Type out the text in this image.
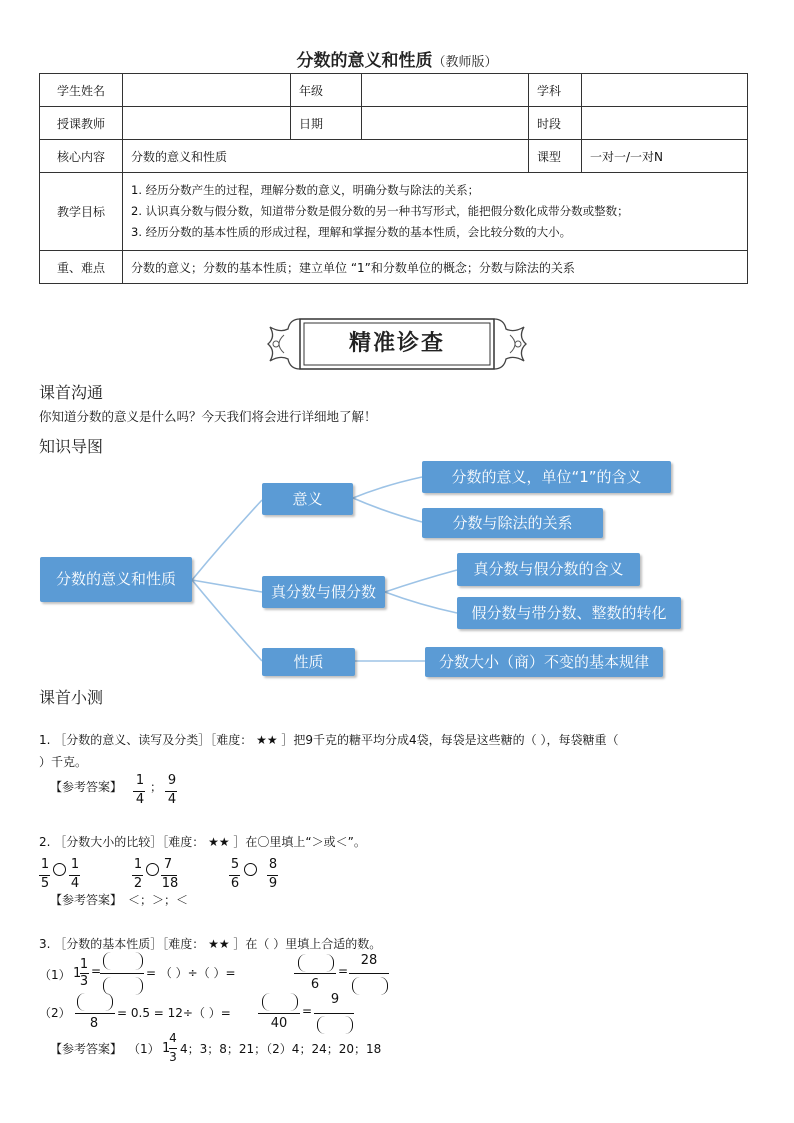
分数的意义和性质（教师版）
学生姓名		年级		学科	
授课教师		日期		时段	
核心内容	分数的意义和性质			课型	一对一/一对N
教学目标	1. 经历分数产生的过程，理解分数的意义，明确分数与除法的关系；
2. 认识真分数与假分数，知道带分数是假分数的另一种书写形式，能把假分数化成带分数或整数；
3. 经历分数的基本性质的形成过程，理解和掌握分数的基本性质，会比较分数的大小。				

重、难点	分数的意义；分数的基本性质；建立单位 “1”和分数单位的概念；分数与除法的关系				
精准诊查
课首沟通
你知道分数的意义是什么吗？今天我们将会进行详细地了解！
知识导图
分数的意义和性质
意义
真分数与假分数
性质
分数的意义，单位“1”的含义
分数与除法的关系
真分数与假分数的含义
假分数与带分数、整数的转化
分数大小（商）不变的基本规律
课首小测
1. ［分数的意义、读写及分类］［难度： ★★ ］把9千克的糖平均分成4袋，每袋是这些糖的（ ），每袋糖重（
）千克。
【参考答案】 1
4
； 9
4
2. ［分数大小的比较］［难度： ★★ ］在〇里填上“＞或＜”。
1
5
1
4
1
2
7
18
5
6
8
9
【参考答案】 ＜；＞；＜
3. ［分数的基本性质］［难度： ★★ ］在（ ）里填上合适的数。
（1） 1
1
3
=	= （ ）÷（ ）=
6
=
28
（2）
8
= 0.5 = 12÷（ ）=
40
=
9
【参考答案】 （1） 1
4
3
4；3；8；21；（2）4；24；20；18
